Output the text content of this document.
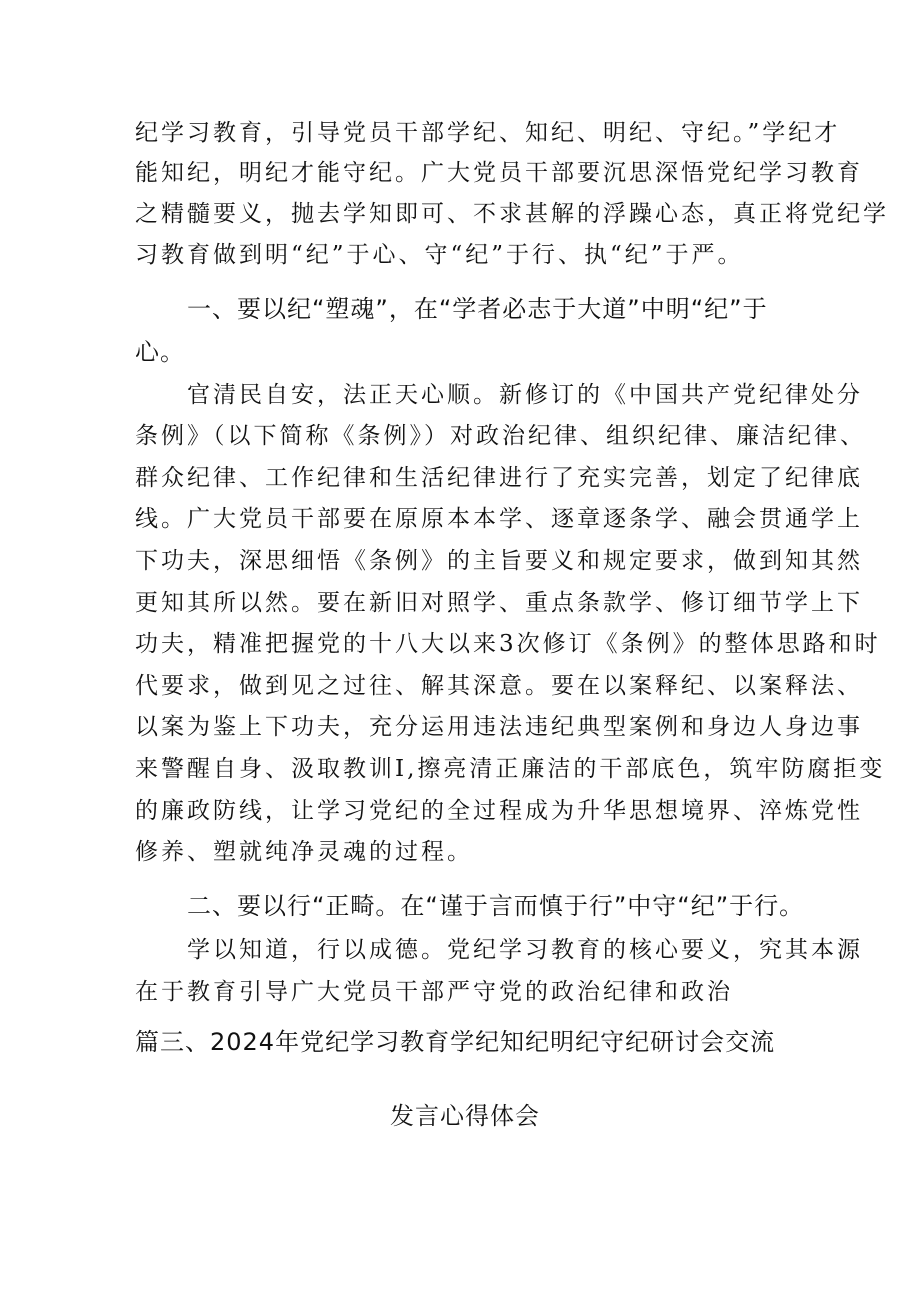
纪学习教育，引导党员干部学纪、知纪、明纪、守纪。”学纪才
能知纪，明纪才能守纪。广大党员干部要沉思深悟党纪学习教育
之精髓要义，抛去学知即可、不求甚解的浮躁心态，真正将党纪学
习教育做到明“纪”于心、守“纪”于行、执“纪”于严。
一、要以纪“塑魂”，在“学者必志于大道”中明“纪”于
心。
官清民自安，法正天心顺。新修订的《中国共产党纪律处分
条例》（以下简称《条例》）对政治纪律、组织纪律、廉洁纪律、
群众纪律、工作纪律和生活纪律进行了充实完善，划定了纪律底
线。广大党员干部要在原原本本学、逐章逐条学、融会贯通学上
下功夫，深思细悟《条例》的主旨要义和规定要求，做到知其然
更知其所以然。要在新旧对照学、重点条款学、修订细节学上下
功夫，精准把握党的十八大以来3次修订《条例》的整体思路和时
代要求，做到见之过往、解其深意。要在以案释纪、以案释法、
以案为鉴上下功夫，充分运用违法违纪典型案例和身边人身边事
来警醒自身、汲取教训I,擦亮清正廉洁的干部底色，筑牢防腐拒变
的廉政防线，让学习党纪的全过程成为升华思想境界、淬炼党性
修养、塑就纯净灵魂的过程。
二、要以行“正畸。在“谨于言而慎于行”中守“纪”于行。
学以知道，行以成德。党纪学习教育的核心要义，究其本源
在于教育引导广大党员干部严守党的政治纪律和政治
篇三、2024年党纪学习教育学纪知纪明纪守纪研讨会交流
发言心得体会
